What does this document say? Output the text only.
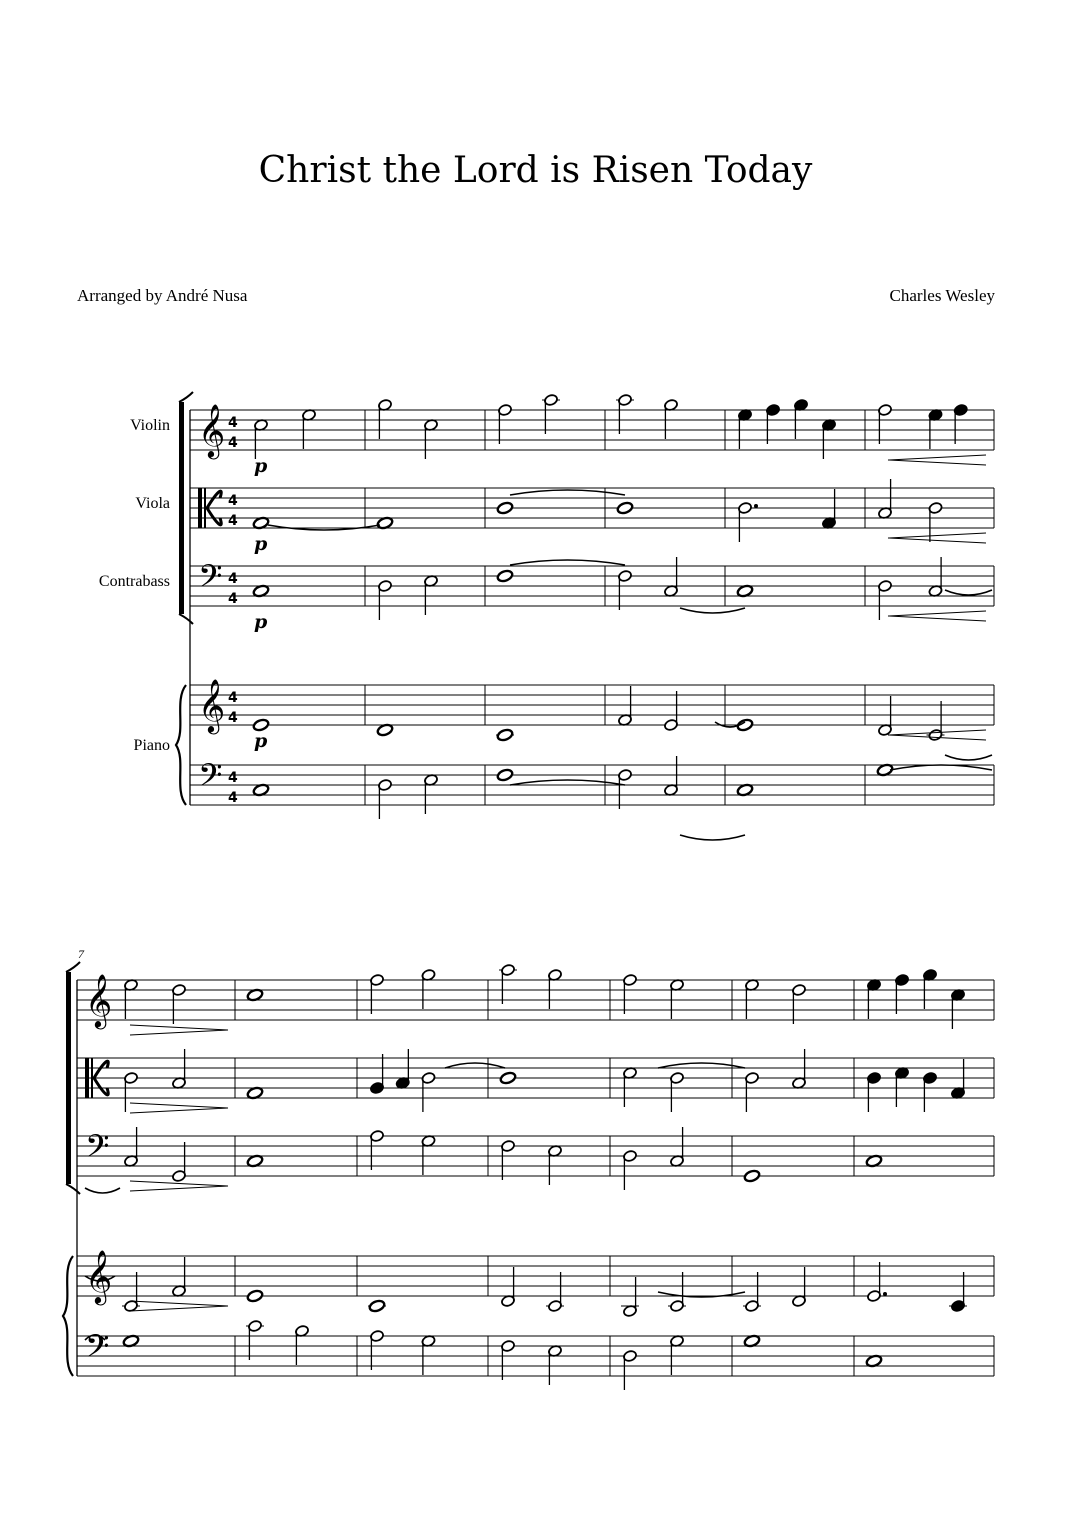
Christ the Lord is Risen Today
Arranged by André Nusa	Charles Wesley
𝄞
𝄢
𝄞
𝄢
4
4
4
4
4
4
4
4
4
4
𝄞
𝄢
𝄞
𝄢
Violin
Viola
Contrabass
Piano
p
p
p
p
7
